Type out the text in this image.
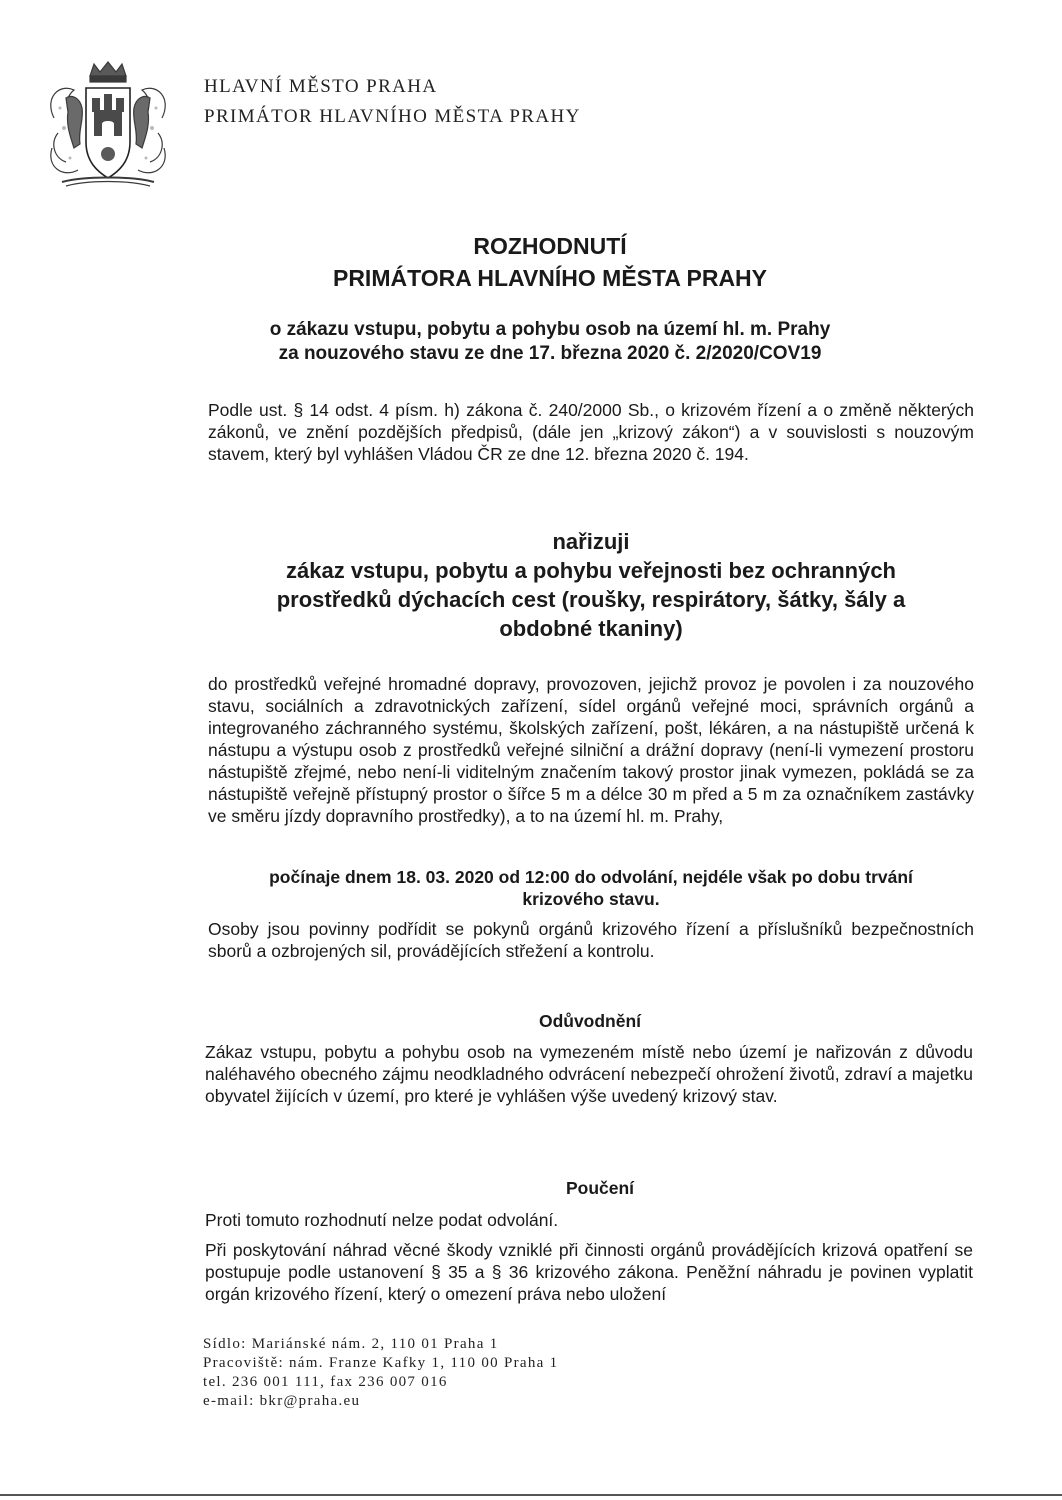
HLAVNÍ MĚSTO PRAHA
PRIMÁTOR HLAVNÍHO MĚSTA PRAHY
ROZHODNUTÍ
PRIMÁTORA HLAVNÍHO MĚSTA PRAHY
o zákazu vstupu, pobytu a pohybu osob na území hl. m. Prahy
za nouzového stavu ze dne 17. března 2020 č. 2/2020/COV19
Podle ust. § 14 odst. 4 písm. h) zákona č. 240/2000 Sb., o krizovém řízení a o změně některých zákonů, ve znění pozdějších předpisů, (dále jen „krizový zákon“) a v souvislosti s nouzovým stavem, který byl vyhlášen Vládou ČR ze dne 12. března 2020 č. 194.
nařizuji
zákaz vstupu, pobytu a pohybu veřejnosti bez ochranných
prostředků dýchacích cest (roušky, respirátory, šátky, šály a
obdobné tkaniny)
do prostředků veřejné hromadné dopravy, provozoven, jejichž provoz je povolen i za nouzového stavu, sociálních a zdravotnických zařízení, sídel orgánů veřejné moci, správních orgánů a integrovaného záchranného systému, školských zařízení, pošt, lékáren, a na nástupiště určená k nástupu a výstupu osob z prostředků veřejné silniční a drážní dopravy (není-li vymezení prostoru nástupiště zřejmé, nebo není-li viditelným značením takový prostor jinak vymezen, pokládá se za nástupiště veřejně přístupný prostor o šířce 5 m a délce 30 m před a 5 m za označníkem zastávky ve směru jízdy dopravního prostředky), a to na území hl. m. Prahy,
počínaje dnem 18. 03. 2020 od 12:00 do odvolání, nejdéle však po dobu trvání
krizového stavu.
Osoby jsou povinny podřídit se pokynů orgánů krizového řízení a příslušníků bezpečnostních sborů a ozbrojených sil, provádějících střežení a kontrolu.
Odůvodnění
Zákaz vstupu, pobytu a pohybu osob na vymezeném místě nebo území je nařizován z důvodu naléhavého obecného zájmu neodkladného odvrácení nebezpečí ohrožení životů, zdraví a majetku obyvatel žijících v území, pro které je vyhlášen výše uvedený krizový stav.
Poučení
Proti tomuto rozhodnutí nelze podat odvolání.
Při poskytování náhrad věcné škody vzniklé při činnosti orgánů provádějících krizová opatření se postupuje podle ustanovení § 35 a § 36 krizového zákona. Peněžní náhradu je povinen vyplatit orgán krizového řízení, který o omezení práva nebo uložení
Sídlo: Mariánské nám. 2, 110 01 Praha 1
Pracoviště: nám. Franze Kafky 1, 110 00 Praha 1
tel. 236 001 111, fax 236 007 016
e-mail: bkr@praha.eu
